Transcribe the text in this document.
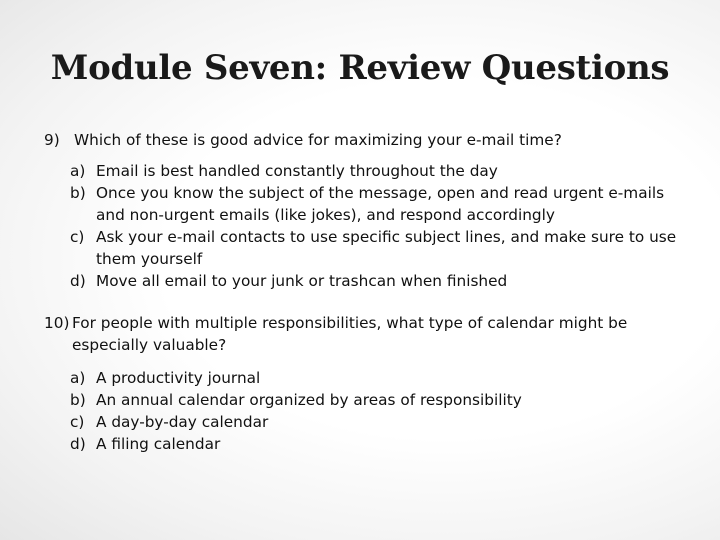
Module Seven: Review Questions
9) Which of these is good advice for maximizing your e-mail time?
a) Email is best handled constantly throughout the day
b) Once you know the subject of the message, open and read urgent e-mails and non-urgent emails (like jokes), and respond accordingly
c) Ask your e-mail contacts to use specific subject lines, and make sure to use them yourself
d) Move all email to your junk or trashcan when finished
10) For people with multiple responsibilities, what type of calendar might be especially valuable?
a) A productivity journal
b) An annual calendar organized by areas of responsibility
c) A day-by-day calendar
d) A filing calendar
